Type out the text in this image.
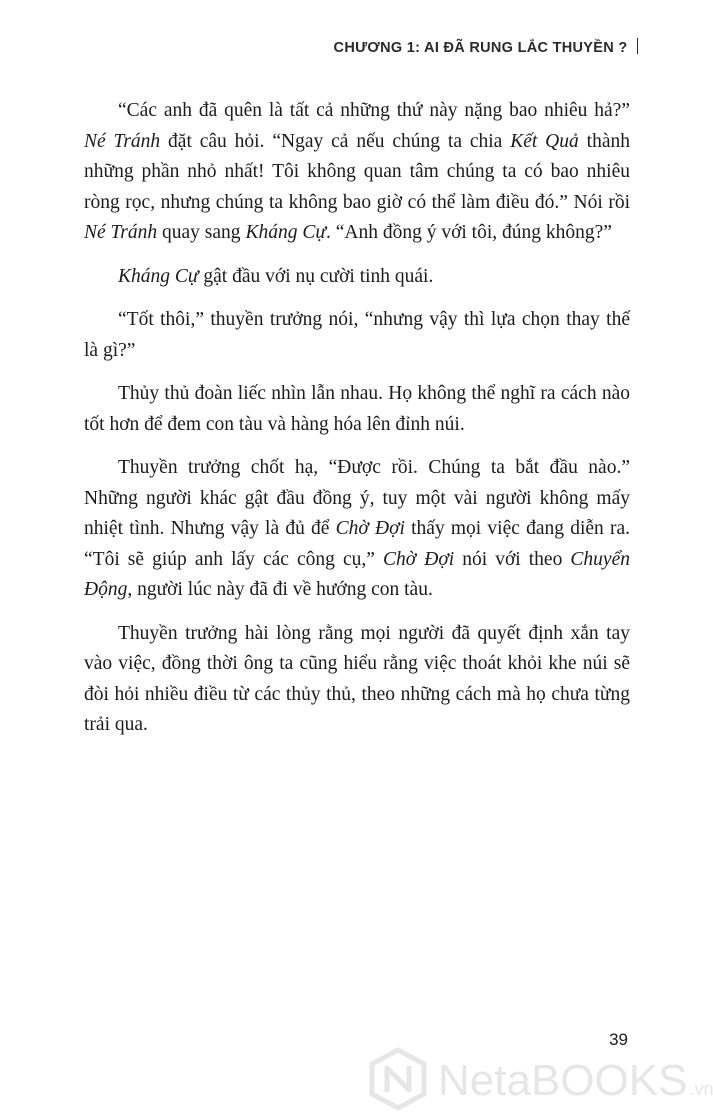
CHƯƠNG 1: AI ĐÃ RUNG LẮC THUYỀN ?

“Các anh đã quên là tất cả những thứ này nặng bao nhiêu hả?” Né Tránh đặt câu hỏi. “Ngay cả nếu chúng ta chia Kết Quả thành những phần nhỏ nhất! Tôi không quan tâm chúng ta có bao nhiêu ròng rọc, nhưng chúng ta không bao giờ có thể làm điều đó.” Nói rồi Né Tránh quay sang Kháng Cự. “Anh đồng ý với tôi, đúng không?”

Kháng Cự gật đầu với nụ cười tinh quái.

“Tốt thôi,” thuyền trưởng nói, “nhưng vậy thì lựa chọn thay thế là gì?”

Thủy thủ đoàn liếc nhìn lẫn nhau. Họ không thể nghĩ ra cách nào tốt hơn để đem con tàu và hàng hóa lên đỉnh núi.

Thuyền trưởng chốt hạ, “Được rồi. Chúng ta bắt đầu nào.” Những người khác gật đầu đồng ý, tuy một vài người không mấy nhiệt tình. Nhưng vậy là đủ để Chờ Đợi thấy mọi việc đang diễn ra. “Tôi sẽ giúp anh lấy các công cụ,” Chờ Đợi nói với theo Chuyển Động, người lúc này đã đi về hướng con tàu.

Thuyền trưởng hài lòng rằng mọi người đã quyết định xắn tay vào việc, đồng thời ông ta cũng hiểu rằng việc thoát khỏi khe núi sẽ đòi hỏi nhiều điều từ các thủy thủ, theo những cách mà họ chưa từng trải qua.

39
NetaBOOKS .vn
